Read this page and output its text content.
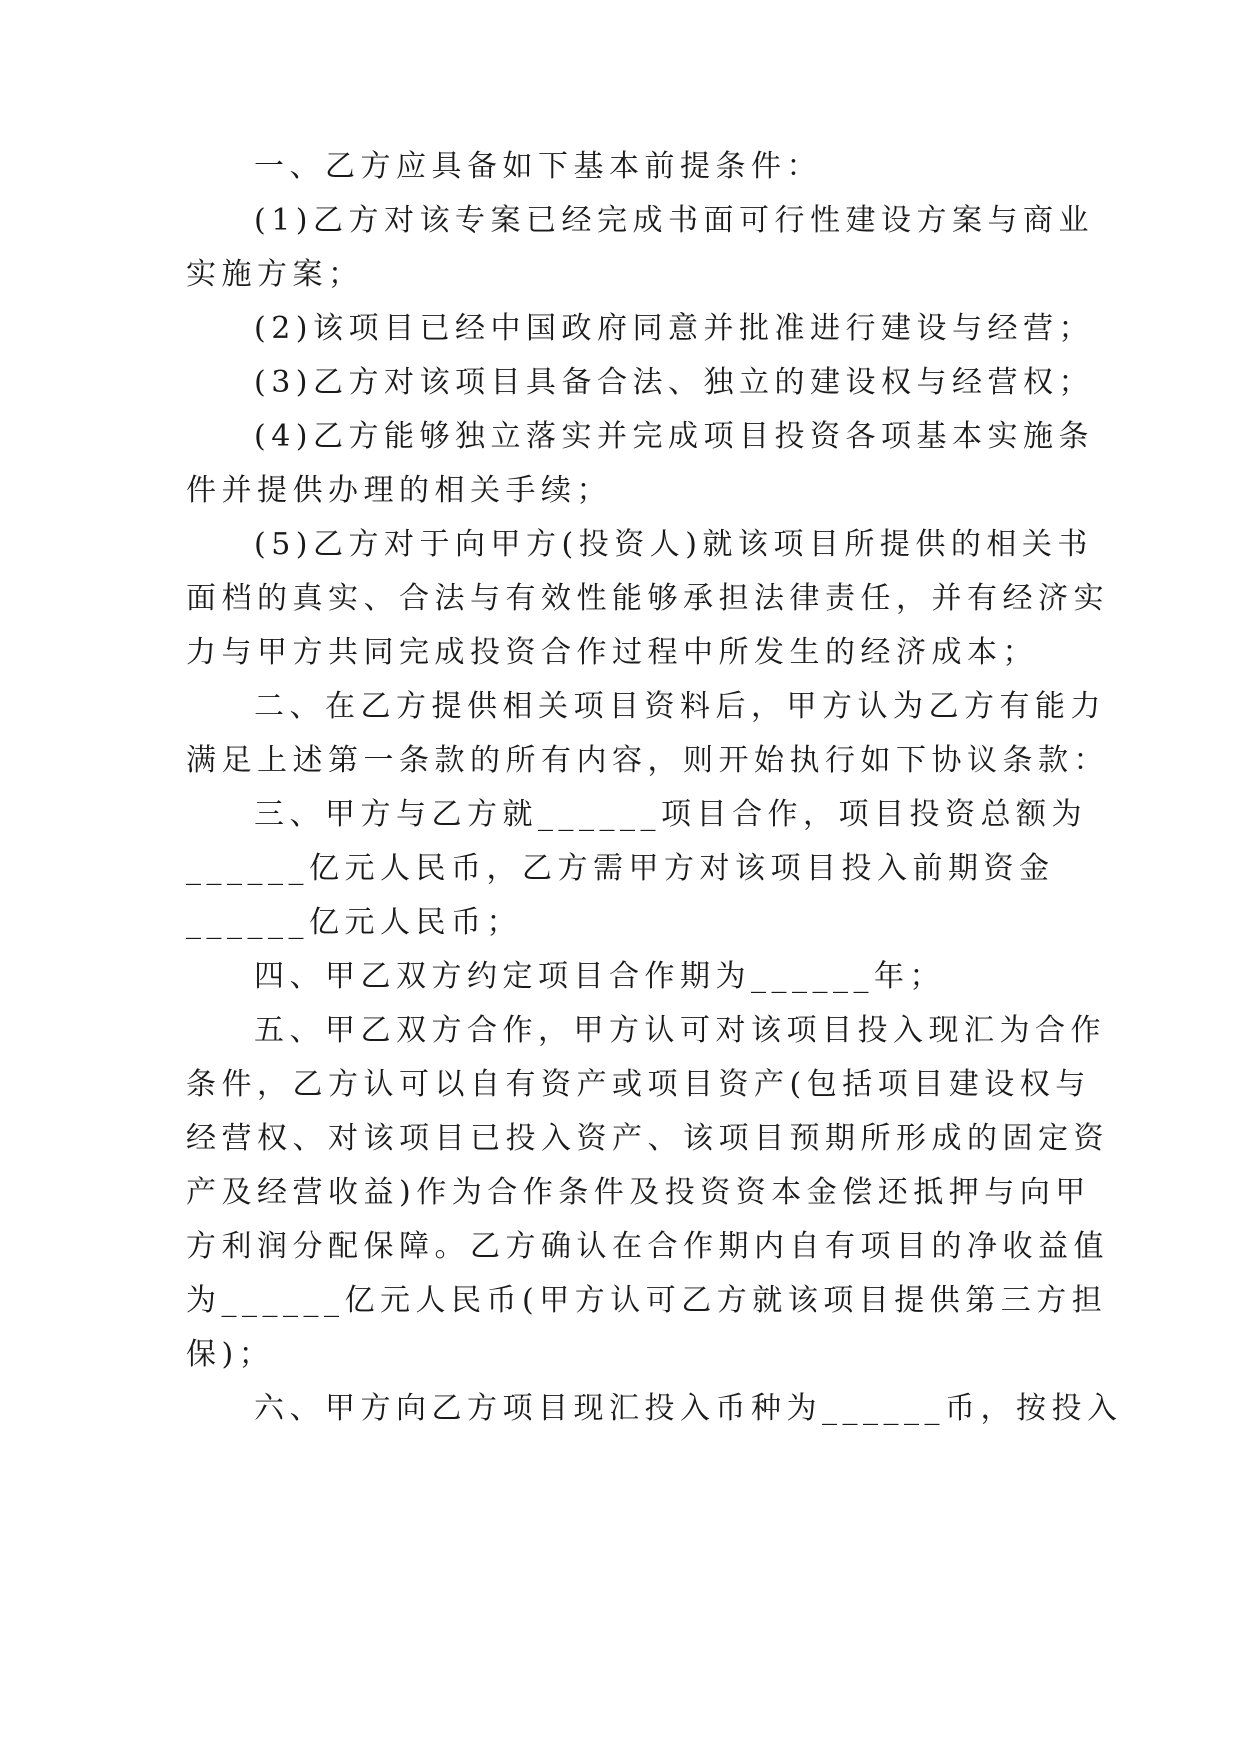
一、乙方应具备如下基本前提条件：
(1)乙方对该专案已经完成书面可行性建设方案与商业
实施方案；
(2)该项目已经中国政府同意并批准进行建设与经营；
(3)乙方对该项目具备合法、独立的建设权与经营权；
(4)乙方能够独立落实并完成项目投资各项基本实施条
件并提供办理的相关手续；
(5)乙方对于向甲方(投资人)就该项目所提供的相关书
面档的真实、合法与有效性能够承担法律责任，并有经济实
力与甲方共同完成投资合作过程中所发生的经济成本；
二、在乙方提供相关项目资料后，甲方认为乙方有能力
满足上述第一条款的所有内容，则开始执行如下协议条款：
三、甲方与乙方就______项目合作，项目投资总额为
______亿元人民币，乙方需甲方对该项目投入前期资金
______亿元人民币；
四、甲乙双方约定项目合作期为______年；
五、甲乙双方合作，甲方认可对该项目投入现汇为合作
条件，乙方认可以自有资产或项目资产(包括项目建设权与
经营权、对该项目已投入资产、该项目预期所形成的固定资
产及经营收益)作为合作条件及投资资本金偿还抵押与向甲
方利润分配保障。乙方确认在合作期内自有项目的净收益值
为______亿元人民币(甲方认可乙方就该项目提供第三方担
保)；
六、甲方向乙方项目现汇投入币种为______币，按投入
